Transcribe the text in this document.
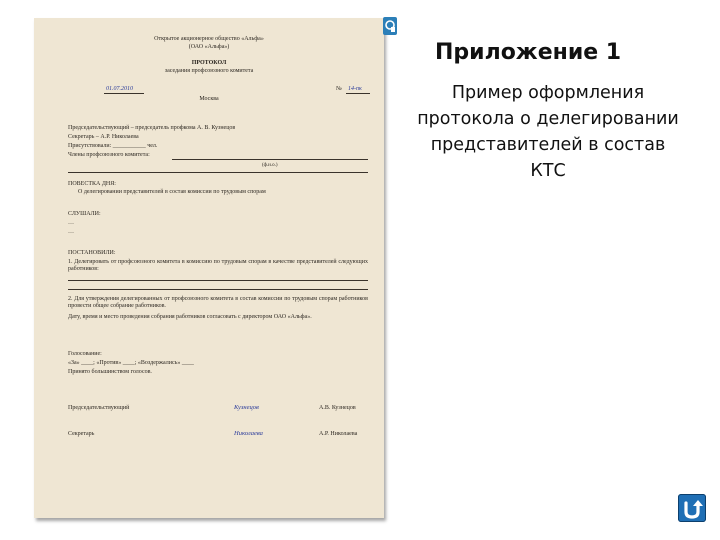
Открытое акционерное общество «Альфа»
(ОАО «Альфа»)
ПРОТОКОЛ
заседания профсоюзного комитета
01.07.2010	№ 14-пк
Москва
Председательствующий – председатель профкома А. В. Кузнецов
Секретарь – А.Р. Николаева
Присутствовали: ___________ чел.
Члены профсоюзного комитета:
(ф.и.о.)
ПОВЕСТКА ДНЯ:
О делегировании представителей в состав комиссии по трудовым спорам
СЛУШАЛИ:
…
…
ПОСТАНОВИЛИ:
1. Делегировать от профсоюзного комитета в комиссию по трудовым спорам в качестве представителей следующих работников:
2. Для утверждения делегированных от профсоюзного комитета в состав комиссии по трудовым спорам работников провести общее собрание работников.
Дату, время и место проведения собрания работников согласовать с директором ОАО «Альфа».
Голосование:
«За» ____; «Против» ____; «Воздержались» ____
Принято большинством голосов.
Председательствующий	Кузнецов	А.В. Кузнецов
Секретарь	Николаева	А.Р. Николаева
Приложение 1
Пример оформления протокола о делегировании представителей в состав КТС
